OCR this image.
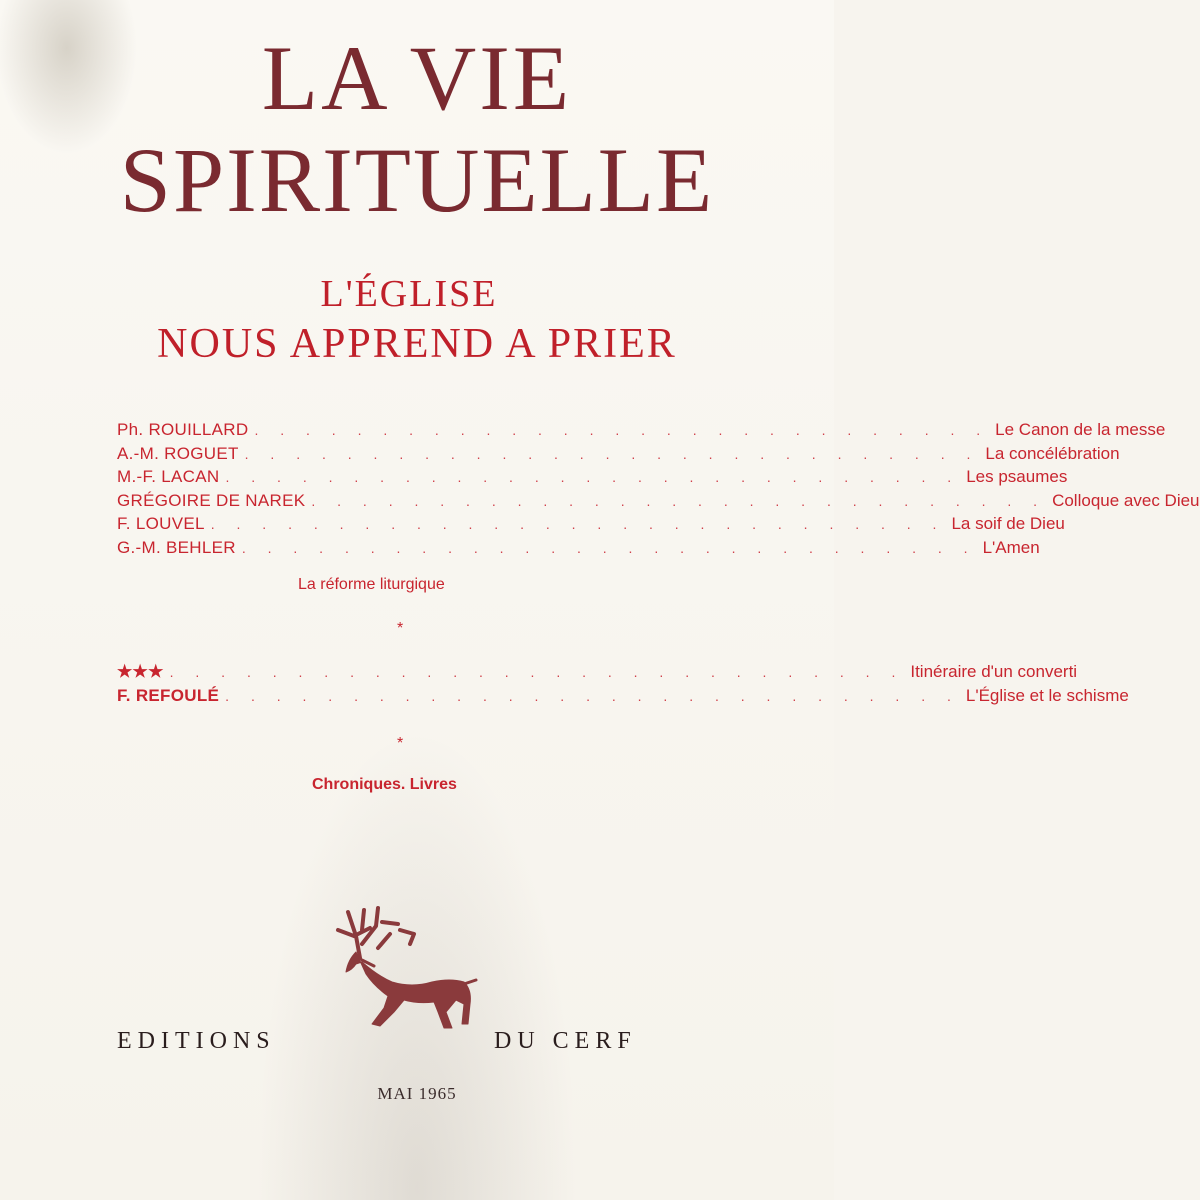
LA VIE
SPIRITUELLE
L'ÉGLISE
NOUS APPREND A PRIER
Ph. ROUILLARD . . . . . . . . . . . . . . . . . . . . . . . . . . . . . Le Canon de la messe
A.-M. ROGUET . . . . . . . . . . . . . . . . . . . . . . . . . . . . . La concélébration
M.-F. LACAN . . . . . . . . . . . . . . . . . . . . . . . . . . . . . Les psaumes
GRÉGOIRE DE NAREK . . . . . . . . . . . . . . . . . . . . . . . . . . . . . Colloque avec Dieu
F. LOUVEL . . . . . . . . . . . . . . . . . . . . . . . . . . . . . La soif de Dieu
G.-M. BEHLER . . . . . . . . . . . . . . . . . . . . . . . . . . . . . L'Amen
La réforme liturgique
*
★★★ . . . . . . . . . . . . . . . . . . . . . . . . . . . . . Itinéraire d'un converti
F. REFOULÉ . . . . . . . . . . . . . . . . . . . . . . . . . . . . . L'Église et le schisme
*
Chroniques. Livres
EDITIONS	DU CERF
MAI 1965
